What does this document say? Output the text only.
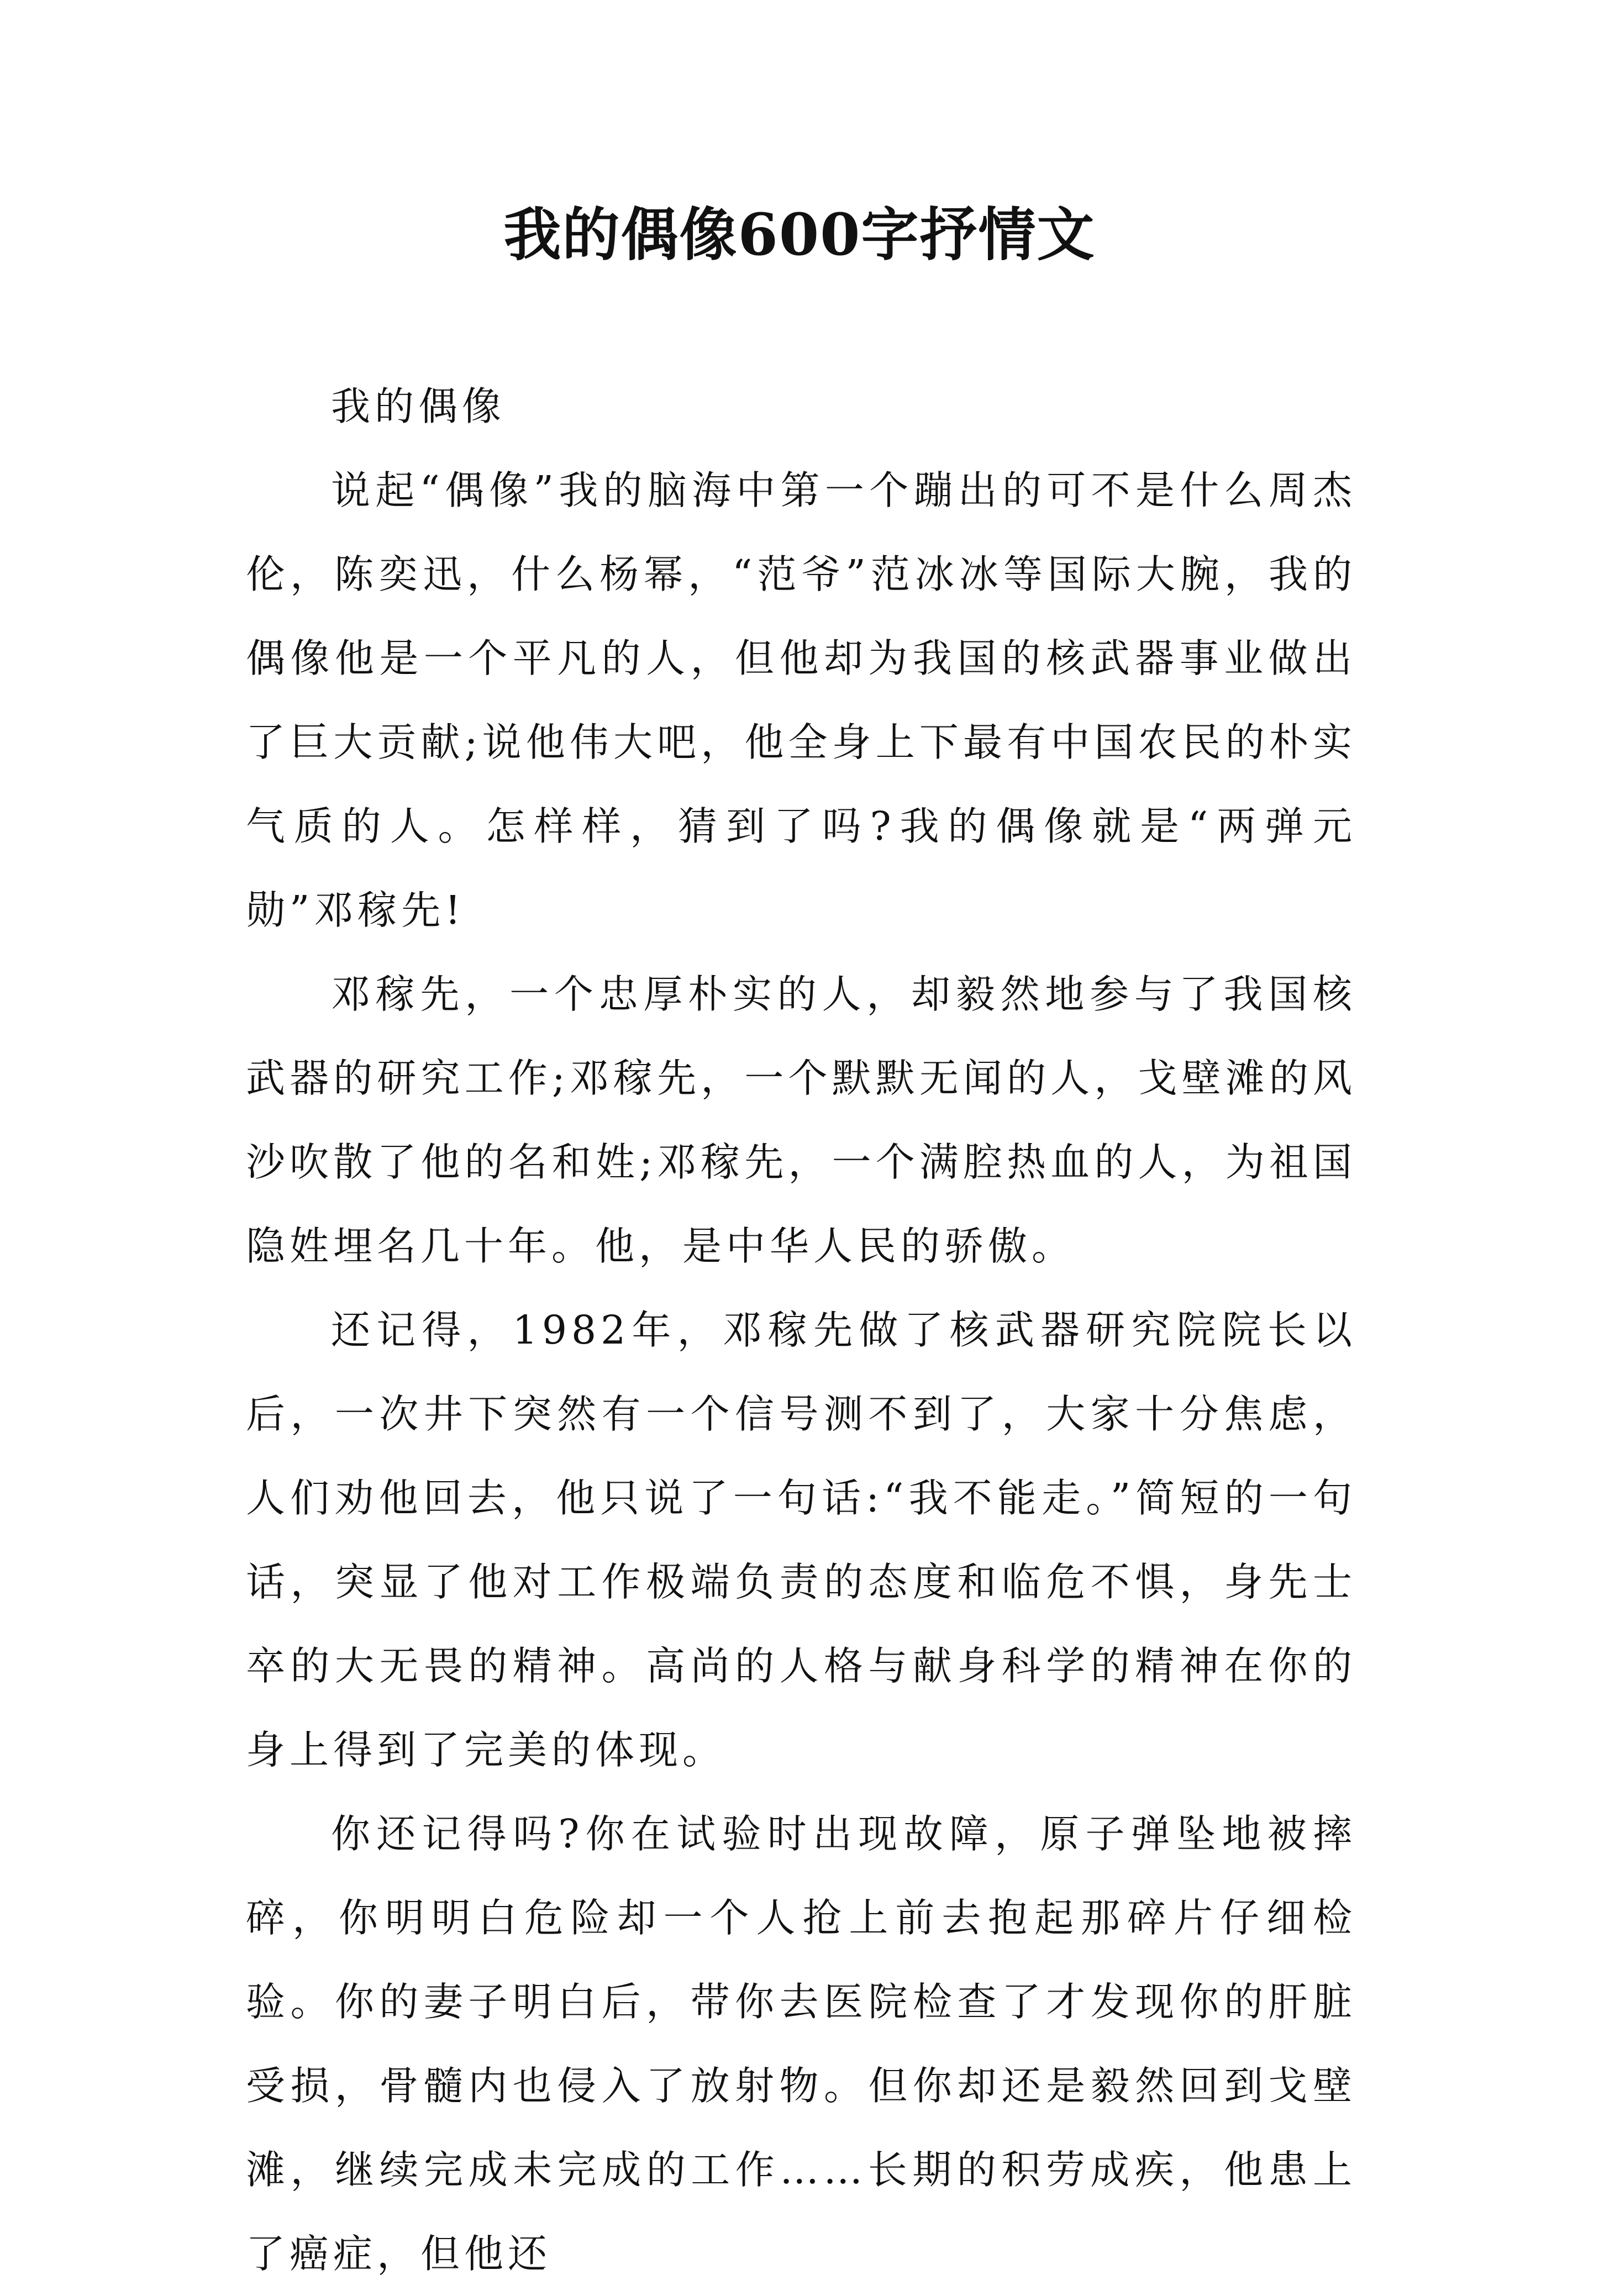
我的偶像600字抒情文

我的偶像

说起“偶像”我的脑海中第一个蹦出的可不是什么周杰伦，陈奕迅，什么杨幂，“范爷”范冰冰等国际大腕，我的偶像他是一个平凡的人，但他却为我国的核武器事业做出了巨大贡献;说他伟大吧，他全身上下最有中国农民的朴实气质的人。怎样样，猜到了吗?我的偶像就是“两弹元勋”邓稼先!

邓稼先，一个忠厚朴实的人，却毅然地参与了我国核武器的研究工作;邓稼先，一个默默无闻的人，戈壁滩的风沙吹散了他的名和姓;邓稼先，一个满腔热血的人，为祖国隐姓埋名几十年。他，是中华人民的骄傲。

还记得，1982年，邓稼先做了核武器研究院院长以后，一次井下突然有一个信号测不到了，大家十分焦虑，人们劝他回去，他只说了一句话:“我不能走。”简短的一句话，突显了他对工作极端负责的态度和临危不惧，身先士卒的大无畏的精神。高尚的人格与献身科学的精神在你的身上得到了完美的体现。

你还记得吗?你在试验时出现故障，原子弹坠地被摔碎，你明明白危险却一个人抢上前去抱起那碎片仔细检验。你的妻子明白后，带你去医院检查了才发现你的肝脏受损，骨髓内也侵入了放射物。但你却还是毅然回到戈壁滩，继续完成未完成的工作……长期的积劳成疾，他患上了癌症，但他还
